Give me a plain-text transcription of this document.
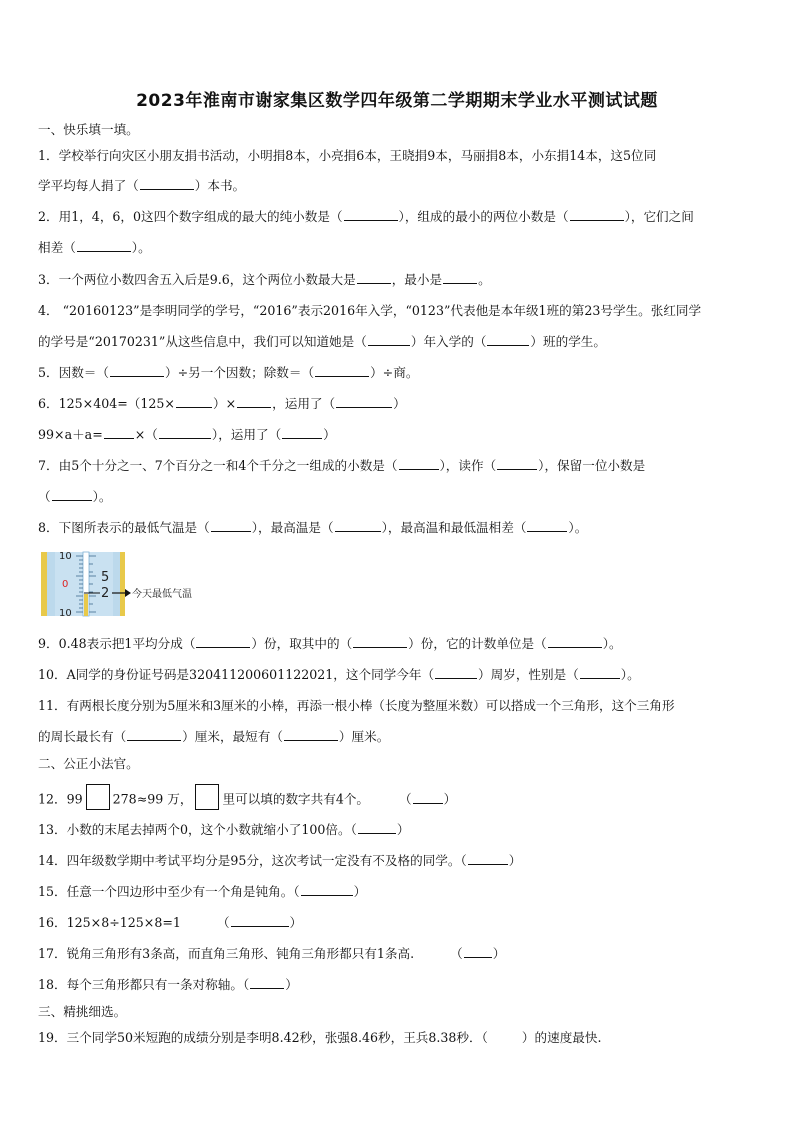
2023年淮南市谢家集区数学四年级第二学期期末学业水平测试试题
一、快乐填一填。
1．学校举行向灾区小朋友捐书活动，小明捐8本，小亮捐6本，王晓捐9本，马丽捐8本，小东捐14本，这5位同
学平均每人捐了（	）本书。
2．用1，4，6，0这四个数字组成的最大的纯小数是（	），组成的最小的两位小数是（	），它们之间
相差（	）。
3．一个两位小数四舍五入后是9.6，这个两位小数最大是	，最小是	。
4． “20160123”是李明同学的学号，“2016”表示2016年入学，“0123”代表他是本年级1班的第23号学生。张红同学
的学号是“20170231”从这些信息中，我们可以知道她是（	）年入学的（	）班的学生。
5．因数＝（	）÷另一个因数；除数＝（	）÷商。
6．125×404=（125×	）×	，运用了（	）
99×a＋a=	×（	），运用了（	）
7．由5个十分之一、7个百分之一和4个千分之一组成的小数是（	），读作（	），保留一位小数是
（	）。
8．下图所表示的最低气温是（	），最高温是（	），最高温和最低温相差（	）。
10
0
10
5
2 今天最低气温
9．0.48表示把1平均分成（	）份，取其中的（	）份，它的计数单位是（	）。
10．A同学的身份证号码是320411200601122021，这个同学今年（	）周岁，性别是（	）。
11．有两根长度分别为5厘米和3厘米的小棒，再添一根小棒（长度为整厘米数）可以搭成一个三角形，这个三角形
的周长最长有（	）厘米，最短有（	）厘米。
二、公正小法官。
12．99 278≈99 万， 里可以填的数字共有4个。 （	）
13．小数的末尾去掉两个0，这个小数就缩小了100倍。（	）
14．四年级数学期中考试平均分是95分，这次考试一定没有不及格的同学。（	）
15．任意一个四边形中至少有一个角是钝角。（	）
16．125×8÷125×8=1	（	）
17．锐角三角形有3条高，而直角三角形、钝角三角形都只有1条高.	（ ）
18．每个三角形都只有一条对称轴。（	）
三、精挑细选。
19．三个同学50米短跑的成绩分别是李明8.42秒，张强8.46秒，王兵8.38秒．（	）的速度最快.
